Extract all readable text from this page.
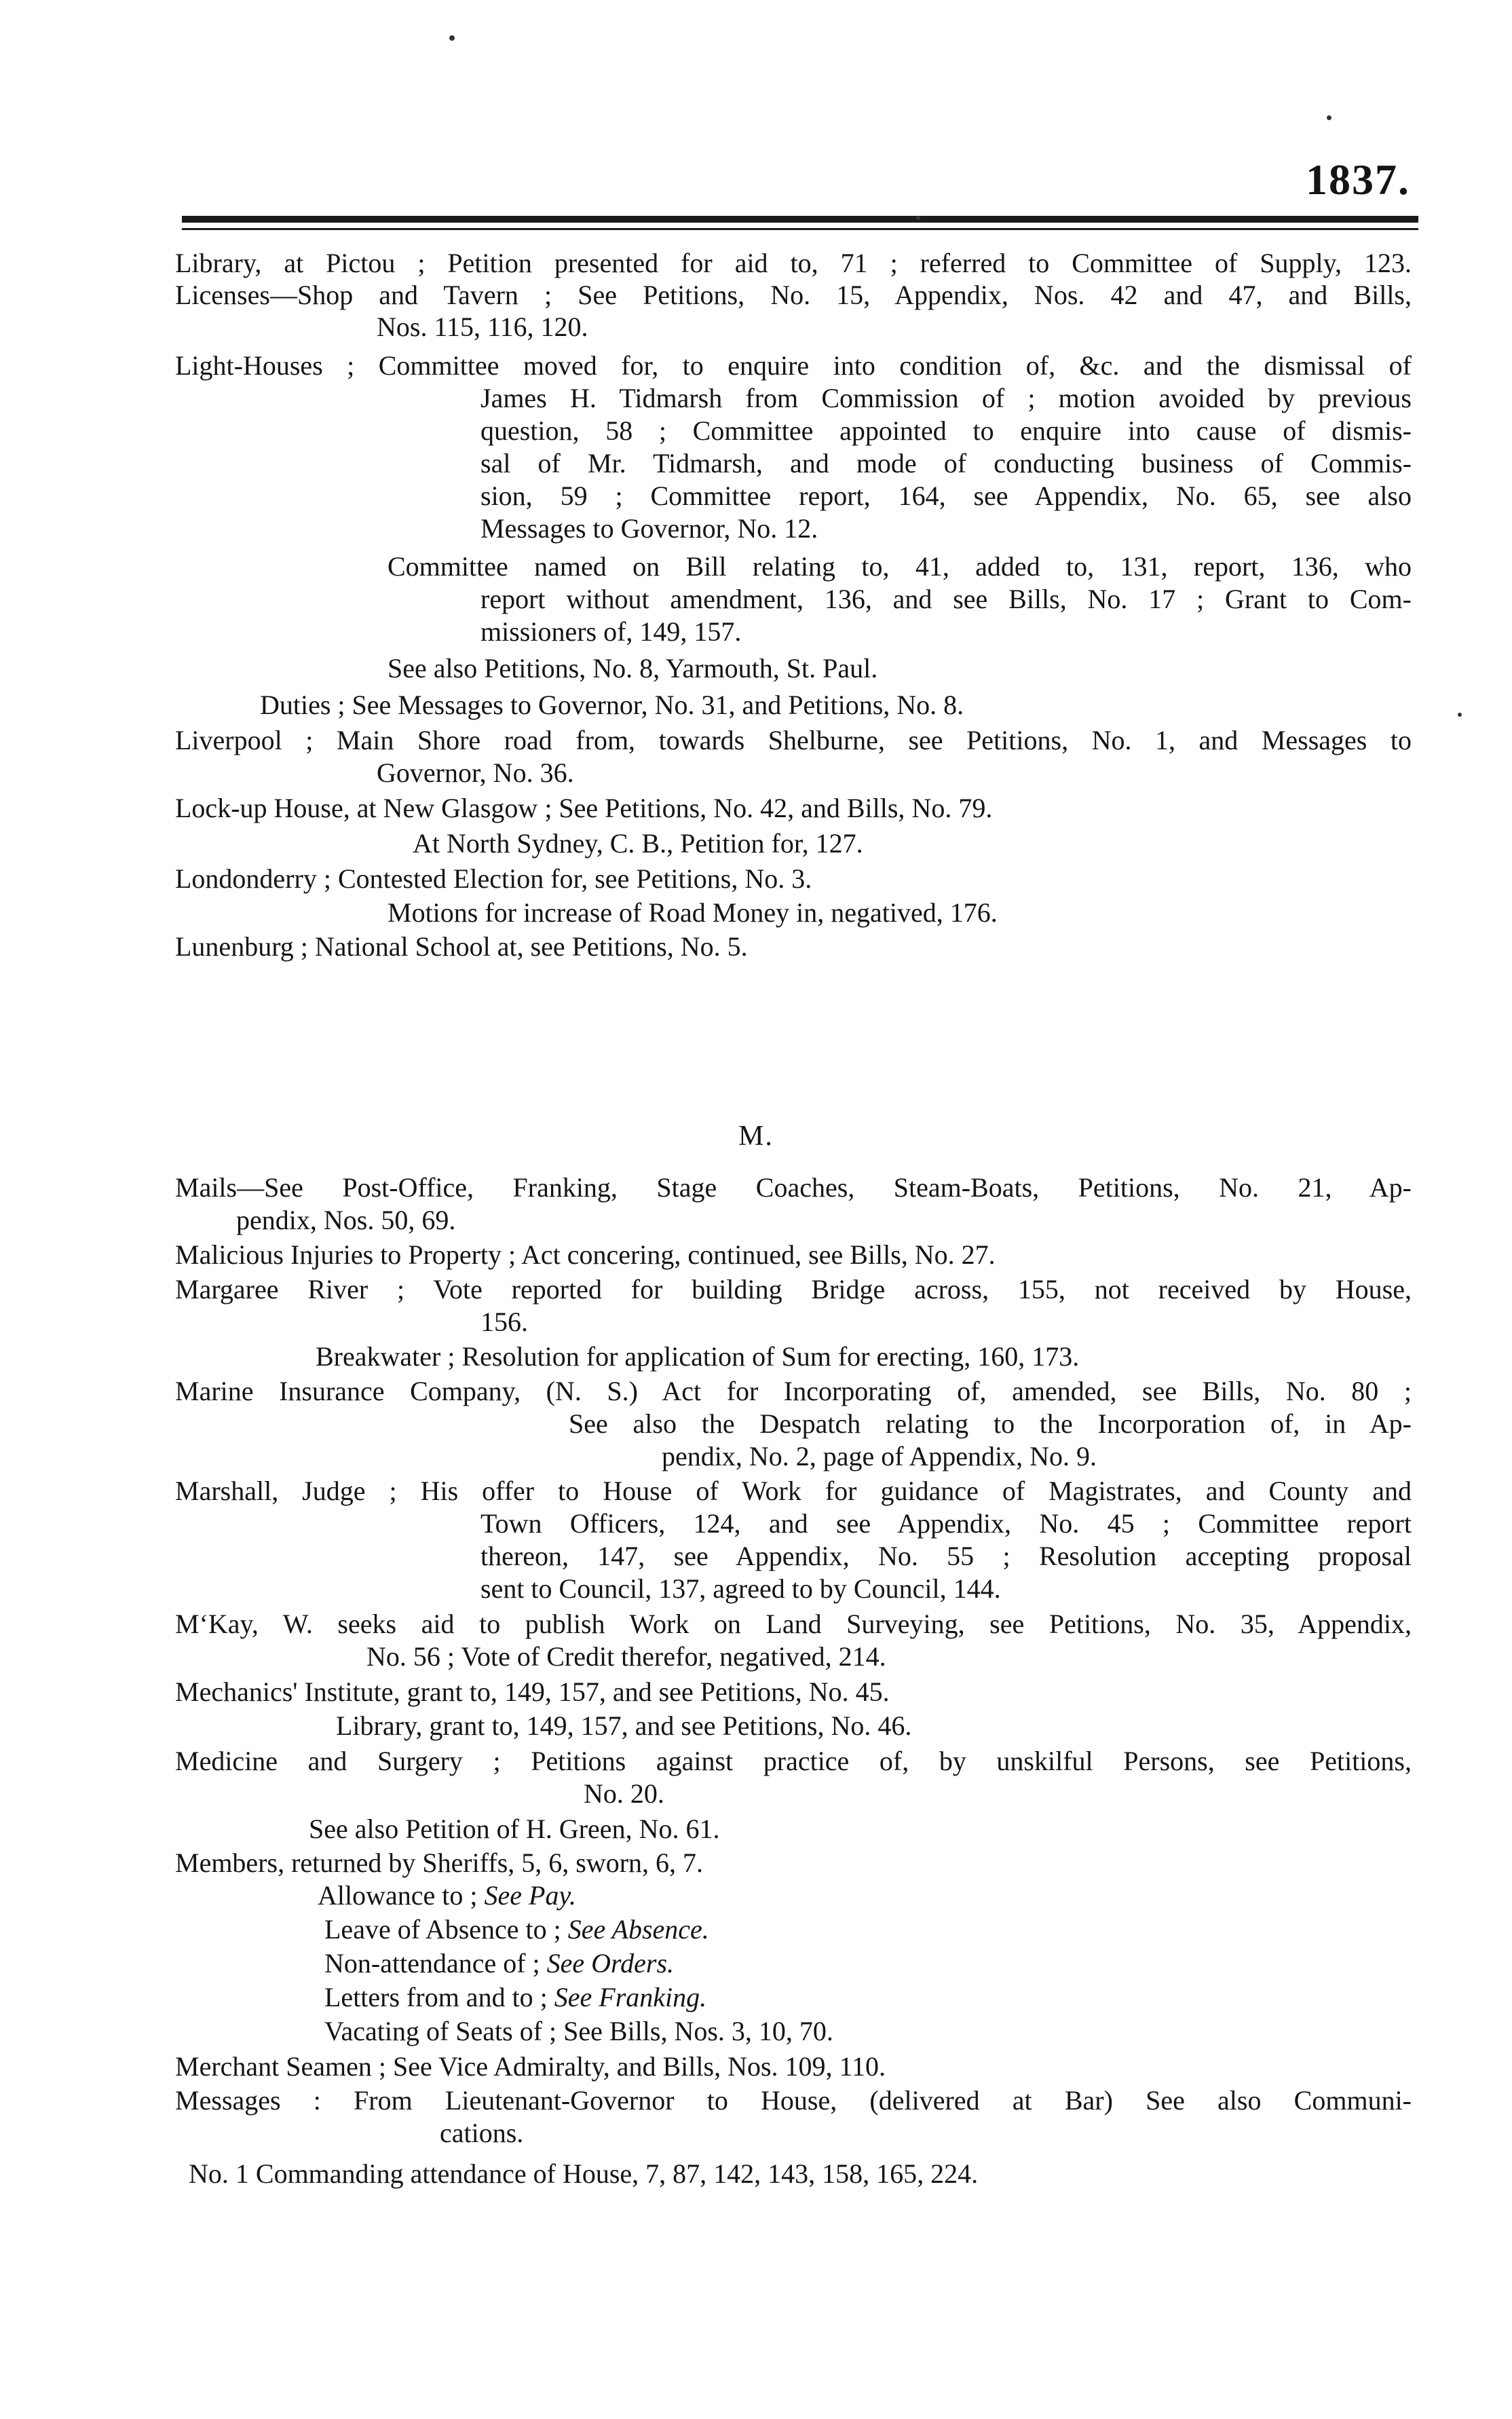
1837.
Library, at Pictou ; Petition presented for aid to, 71 ; referred to Committee of Supply, 123.
Licenses—Shop and Tavern ; See Petitions, No. 15, Appendix, Nos. 42 and 47, and Bills,
Nos. 115, 116, 120.
Light-Houses ; Committee moved for, to enquire into condition of, &c. and the dismissal of
James H. Tidmarsh from Commission of ; motion avoided by previous
question, 58 ; Committee appointed to enquire into cause of dismis-
sal of Mr. Tidmarsh, and mode of conducting business of Commis-
sion, 59 ; Committee report, 164, see Appendix, No. 65, see also
Messages to Governor, No. 12.
Committee named on Bill relating to, 41, added to, 131, report, 136, who
report without amendment, 136, and see Bills, No. 17 ; Grant to Com-
missioners of, 149, 157.
See also Petitions, No. 8, Yarmouth, St. Paul.
Duties ; See Messages to Governor, No. 31, and Petitions, No. 8.
Liverpool ; Main Shore road from, towards Shelburne, see Petitions, No. 1, and Messages to
Governor, No. 36.
Lock-up House, at New Glasgow ; See Petitions, No. 42, and Bills, No. 79.
At North Sydney, C. B., Petition for, 127.
Londonderry ; Contested Election for, see Petitions, No. 3.
Motions for increase of Road Money in, negatived, 176.
Lunenburg ; National School at, see Petitions, No. 5.
M.
Mails—See Post-Office, Franking, Stage Coaches, Steam-Boats, Petitions, No. 21, Ap-
pendix, Nos. 50, 69.
Malicious Injuries to Property ; Act concering, continued, see Bills, No. 27.
Margaree River ; Vote reported for building Bridge across, 155, not received by House,
156.
Breakwater ; Resolution for application of Sum for erecting, 160, 173.
Marine Insurance Company, (N. S.) Act for Incorporating of, amended, see Bills, No. 80 ;
See also the Despatch relating to the Incorporation of, in Ap-
pendix, No. 2, page of Appendix, No. 9.
Marshall, Judge ; His offer to House of Work for guidance of Magistrates, and County and
Town Officers, 124, and see Appendix, No. 45 ; Committee report
thereon, 147, see Appendix, No. 55 ; Resolution accepting proposal
sent to Council, 137, agreed to by Council, 144.
M‘Kay, W. seeks aid to publish Work on Land Surveying, see Petitions, No. 35, Appendix,
No. 56 ; Vote of Credit therefor, negatived, 214.
Mechanics' Institute, grant to, 149, 157, and see Petitions, No. 45.
Library, grant to, 149, 157, and see Petitions, No. 46.
Medicine and Surgery ; Petitions against practice of, by unskilful Persons, see Petitions,
No. 20.
See also Petition of H. Green, No. 61.
Members, returned by Sheriffs, 5, 6, sworn, 6, 7.
Allowance to ; See Pay.
Leave of Absence to ; See Absence.
Non-attendance of ; See Orders.
Letters from and to ; See Franking.
Vacating of Seats of ; See Bills, Nos. 3, 10, 70.
Merchant Seamen ; See Vice Admiralty, and Bills, Nos. 109, 110.
Messages : From Lieutenant-Governor to House, (delivered at Bar) See also Communi-
cations.
No. 1 Commanding attendance of House, 7, 87, 142, 143, 158, 165, 224.
